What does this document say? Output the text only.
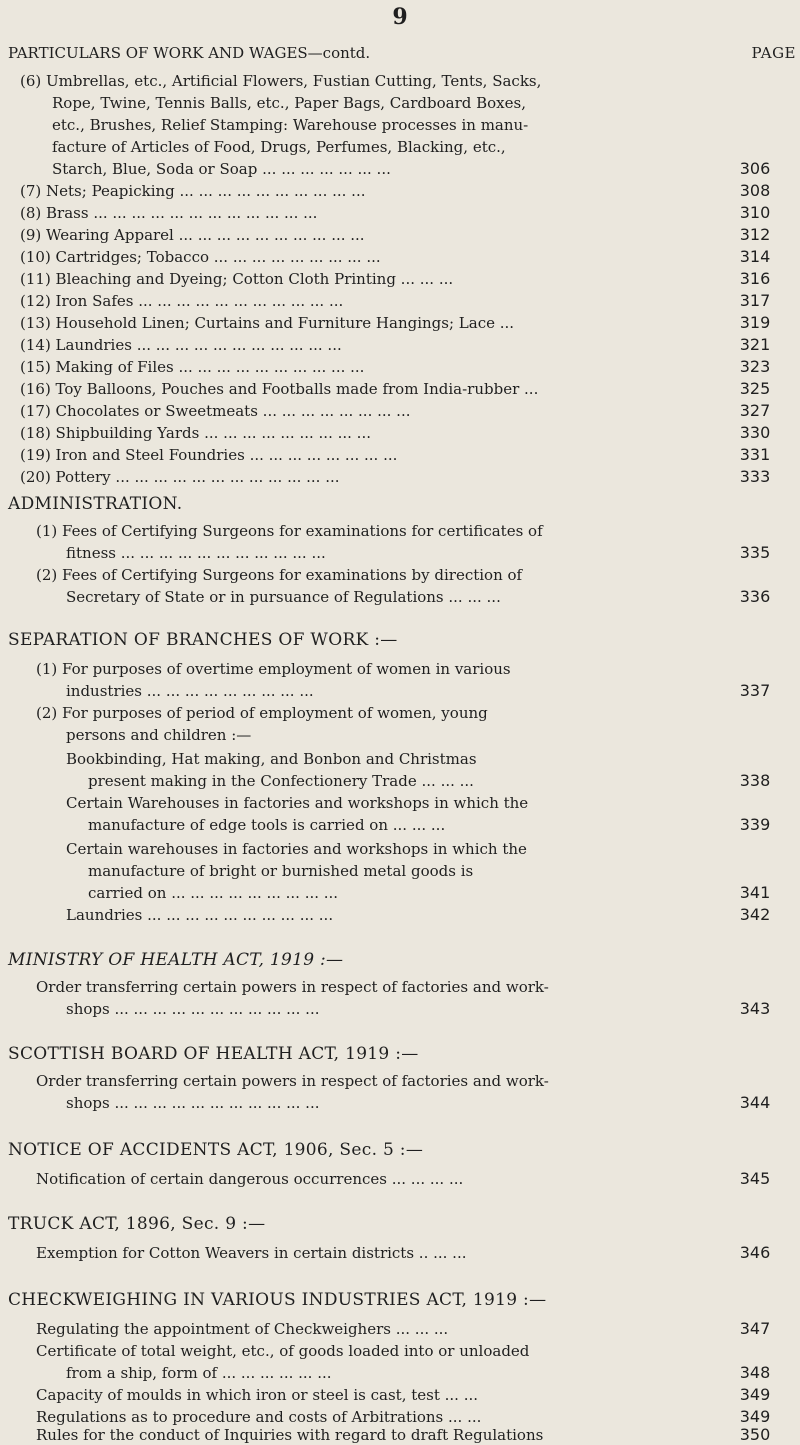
9
PARTICULARS OF WORK AND WAGES—contd.	PAGE
(6) Umbrellas, etc., Artificial Flowers, Fustian Cutting, Tents, Sacks,
Rope, Twine, Tennis Balls, etc., Paper Bags, Cardboard Boxes,
etc., Brushes, Relief Stamping: Warehouse processes in manu-
facture of Articles of Food, Drugs, Perfumes, Blacking, etc.,
Starch, Blue, Soda or Soap ... ... ... ... ... ... ...	306
(7) Nets; Peapicking ... ... ... ... ... ... ... ... ... ...	308
(8) Brass ... ... ... ... ... ... ... ... ... ... ... ...	310
(9) Wearing Apparel ... ... ... ... ... ... ... ... ... ...	312
(10) Cartridges; Tobacco ... ... ... ... ... ... ... ... ...	314
(11) Bleaching and Dyeing; Cotton Cloth Printing ... ... ...	316
(12) Iron Safes ... ... ... ... ... ... ... ... ... ... ...	317
(13) Household Linen; Curtains and Furniture Hangings; Lace ...	319
(14) Laundries ... ... ... ... ... ... ... ... ... ... ...	321
(15) Making of Files ... ... ... ... ... ... ... ... ... ...	323
(16) Toy Balloons, Pouches and Footballs made from India-rubber ...	325
(17) Chocolates or Sweetmeats ... ... ... ... ... ... ... ...	327
(18) Shipbuilding Yards ... ... ... ... ... ... ... ... ...	330
(19) Iron and Steel Foundries ... ... ... ... ... ... ... ...	331
(20) Pottery ... ... ... ... ... ... ... ... ... ... ... ...	333
ADMINISTRATION.
(1) Fees of Certifying Surgeons for examinations for certificates of
fitness ... ... ... ... ... ... ... ... ... ... ...	335
(2) Fees of Certifying Surgeons for examinations by direction of
Secretary of State or in pursuance of Regulations ... ... ...	336
SEPARATION OF BRANCHES OF WORK :—
(1) For purposes of overtime employment of women in various
industries ... ... ... ... ... ... ... ... ...	337
(2) For purposes of period of employment of women, young
persons and children :—
Bookbinding, Hat making, and Bonbon and Christmas
present making in the Confectionery Trade ... ... ...	338
Certain Warehouses in factories and workshops in which the
manufacture of edge tools is carried on ... ... ...	339
Certain warehouses in factories and workshops in which the
manufacture of bright or burnished metal goods is
carried on ... ... ... ... ... ... ... ... ...	341
Laundries ... ... ... ... ... ... ... ... ... ...	342
MINISTRY OF HEALTH ACT, 1919 :—
Order transferring certain powers in respect of factories and work-
shops ... ... ... ... ... ... ... ... ... ... ...	343
SCOTTISH BOARD OF HEALTH ACT, 1919 :—
Order transferring certain powers in respect of factories and work-
shops ... ... ... ... ... ... ... ... ... ... ...	344
NOTICE OF ACCIDENTS ACT, 1906, Sec. 5 :—
Notification of certain dangerous occurrences ... ... ... ...	345
TRUCK ACT, 1896, Sec. 9 :—
Exemption for Cotton Weavers in certain districts .. ... ...	346
CHECKWEIGHING IN VARIOUS INDUSTRIES ACT, 1919 :—
Regulating the appointment of Checkweighers ... ... ...	347
Certificate of total weight, etc., of goods loaded into or unloaded
from a ship, form of ... ... ... ... ... ...	348
Capacity of moulds in which iron or steel is cast, test ... ...	349
Regulations as to procedure and costs of Arbitrations ... ...	349
Rules for the conduct of Inquiries with regard to draft Regulations	350
